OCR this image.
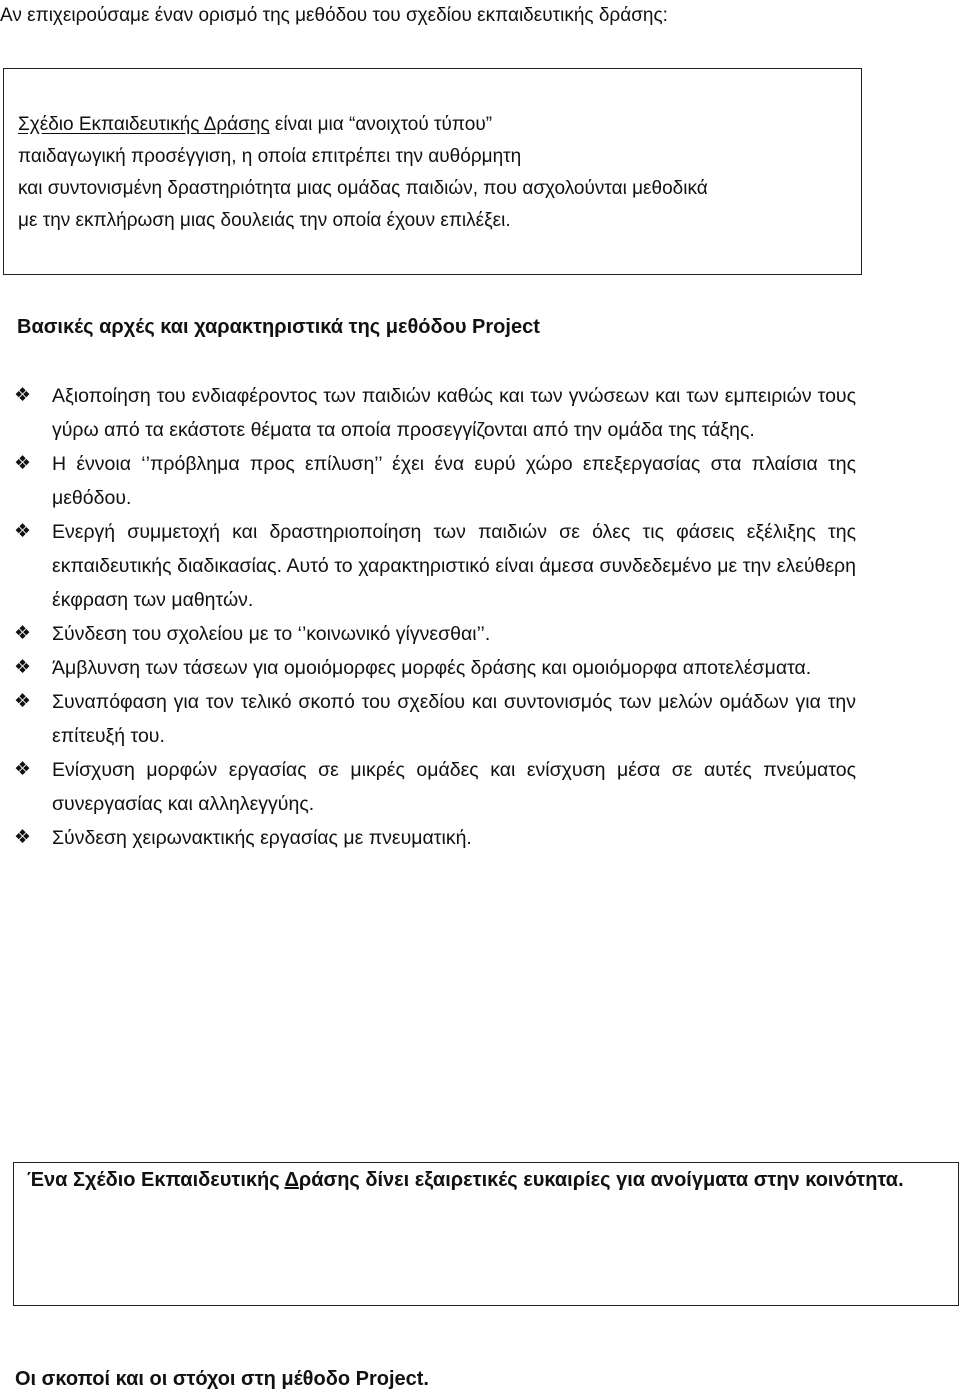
Αν επιχειρούσαμε έναν ορισμό της μεθόδου του σχεδίου εκπαιδευτικής δράσης:
Σχέδιο Εκπαιδευτικής Δράσης είναι μια “ανοιχτού τύπου”
παιδαγωγική προσέγγιση, η οποία επιτρέπει την αυθόρμητη
και συντονισμένη δραστηριότητα μιας ομάδας παιδιών, που ασχολούνται μεθοδικά
με την εκπλήρωση μιας δουλειάς την οποία έχουν επιλέξει.
Βασικές αρχές και χαρακτηριστικά της μεθόδου Project
❖ Αξιοποίηση του ενδιαφέροντος των παιδιών καθώς και των γνώσεων και των εμπειριών τους γύρω από τα εκάστοτε θέματα τα οποία προσεγγίζονται από την ομάδα της τάξης.
❖ Η έννοια ‘’πρόβλημα προς επίλυση’’ έχει ένα ευρύ χώρο επεξεργασίας στα πλαίσια της μεθόδου.
❖ Ενεργή συμμετοχή και δραστηριοποίηση των παιδιών σε όλες τις φάσεις εξέλιξης της εκπαιδευτικής διαδικασίας. Αυτό το χαρακτηριστικό είναι άμεσα συνδεδεμένο με την ελεύθερη έκφραση των μαθητών.
❖ Σύνδεση του σχολείου με το ‘’κοινωνικό γίγνεσθαι’’.
❖ Άμβλυνση των τάσεων για ομοιόμορφες μορφές δράσης και ομοιόμορφα αποτελέσματα.
❖ Συναπόφαση για τον τελικό σκοπό του σχεδίου και συντονισμός των μελών ομάδων για την επίτευξή του.
❖ Ενίσχυση μορφών εργασίας σε μικρές ομάδες και ενίσχυση μέσα σε αυτές πνεύματος συνεργασίας και αλληλεγγύης.
❖ Σύνδεση χειρωνακτικής εργασίας με πνευματική.
Ένα Σχέδιο Εκπαιδευτικής Δράσης δίνει εξαιρετικές ευκαιρίες για ανοίγματα στην κοινότητα.
Οι σκοποί και οι στόχοι στη μέθοδο Project.
